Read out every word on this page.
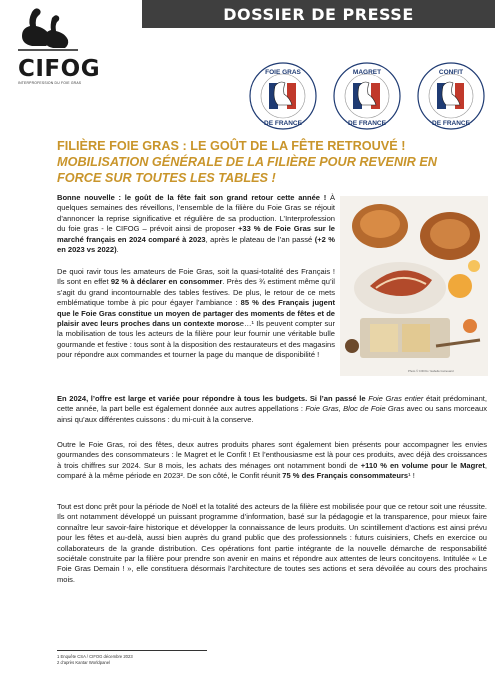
DOSSIER DE PRESSE
CIFOG
INTERPROFESSION DU FOIE GRAS
FOIE GRAS
DE FRANCE
MAGRET
DE FRANCE
CONFIT
DE FRANCE
FILIÈRE FOIE GRAS : LE GOÛT DE LA FÊTE RETROUVÉ !
MOBILISATION GÉNÉRALE DE LA FILIÈRE POUR REVENIR EN FORCE SUR TOUTES LES TABLES !
Bonne nouvelle : le goût de la fête fait son grand retour cette année ! À quelques semaines des réveillons, l’ensemble de la filière du Foie Gras se réjouit d’annoncer la reprise significative et régulière de sa production. L’Interprofession du foie gras - le CIFOG – prévoit ainsi de proposer +33 % de Foie Gras sur le marché français en 2024 comparé à 2023, après le plateau de l’an passé (+2 % en 2023 vs 2022).
De quoi ravir tous les amateurs de Foie Gras, soit la quasi-totalité des Français ! Ils sont en effet 92 % à déclarer en consommer. Près des ¾ estiment même qu’il s’agit du grand incontournable des tables festives. De plus, le retour de ce mets emblématique tombe à pic pour égayer l’ambiance : 85 % des Français jugent que le Foie Gras constitue un moyen de partager des moments de fêtes et de plaisir avec leurs proches dans un contexte morose…¹ Ils peuvent compter sur la mobilisation de tous les acteurs de la filière pour leur fournir une véritable bulle gourmande et festive : tous sont à la disposition des restaurateurs et des magasins pour répondre aux commandes et tourner la page du manque de disponibilité !
Photo © CIFOG / Isabelle Guinouard
En 2024, l’offre est large et variée pour répondre à tous les budgets. Si l’an passé le Foie Gras entier était prédominant, cette année, la part belle est également donnée aux autres appellations : Foie Gras, Bloc de Foie Gras avec ou sans morceaux ainsi qu’aux différentes cuissons : du mi-cuit à la conserve.
Outre le Foie Gras, roi des fêtes, deux autres produits phares sont également bien présents pour accompagner les envies gourmandes des consommateurs : le Magret et le Confit ! Et l’enthousiasme est là pour ces produits, avec déjà des croissances à trois chiffres sur 2024. Sur 8 mois, les achats des ménages ont notamment bondi de +110 % en volume pour le Magret, comparé à la même période en 2023². De son côté, le Confit réunit 75 % des Français consommateurs¹ !
Tout est donc prêt pour la période de Noël et la totalité des acteurs de la filière est mobilisée pour que ce retour soit une réussite. Ils ont notamment développé un puissant programme d’information, basé sur la pédagogie et la transparence, pour mieux faire connaître leur savoir-faire historique et développer la connaissance de leurs produits. Un scintillement d’actions est ainsi prévu pour les fêtes et au-delà, aussi bien auprès du grand public que des professionnels : futurs cuisiniers, Chefs en exercice ou collaborateurs de la grande distribution. Ces opérations font partie intégrante de la nouvelle démarche de responsabilité sociétale construite par la filière pour prendre son avenir en mains et répondre aux attentes de leurs concitoyens. Intitulée « Le Foie Gras Demain ! », elle constituera désormais l’architecture de toutes ses actions et sera dévoilée au cours des prochains mois.
1 Enquête CSA / CIFOG décembre 2023
2 d’après Kantar Worldpanel
